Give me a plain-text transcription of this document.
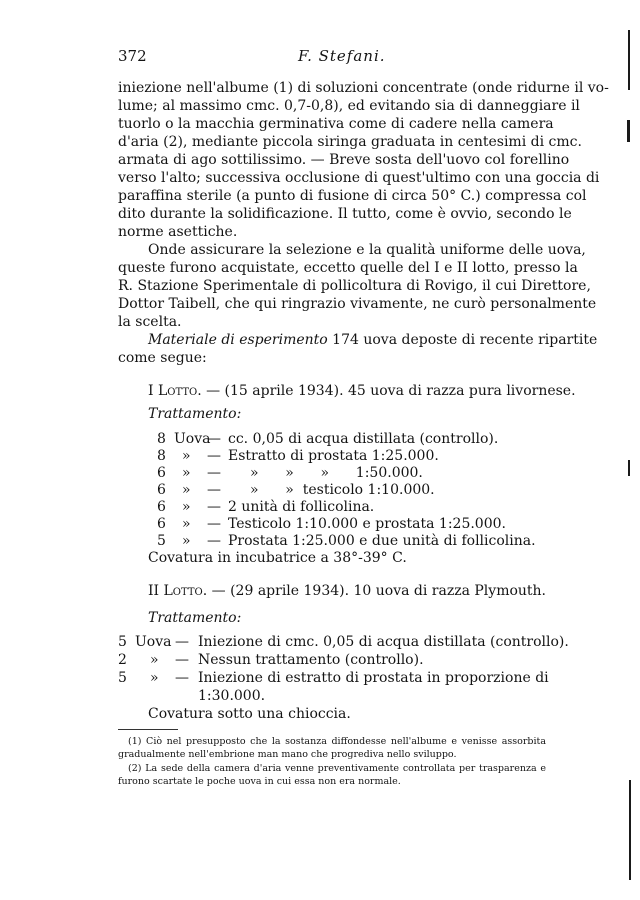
372	F. Stefani.
iniezione nell'albume (1) di soluzioni concentrate (onde ridurne il vo-
lume; al massimo cmc. 0,7-0,8), ed evitando sia di danneggiare il
tuorlo o la macchia germinativa come di cadere nella camera
d'aria (2), mediante piccola siringa graduata in centesimi di cmc.
armata di ago sottilissimo. — Breve sosta dell'uovo col forellino
verso l'alto; successiva occlusione di quest'ultimo con una goccia di
paraffina sterile (a punto di fusione di circa 50° C.) compressa col
dito durante la solidificazione. Il tutto, come è ovvio, secondo le
norme asettiche.
Onde assicurare la selezione e la qualità uniforme delle uova,
queste furono acquistate, eccetto quelle del I e II lotto, presso la
R. Stazione Sperimentale di pollicoltura di Rovigo, il cui Direttore,
Dottor Taibell, che qui ringrazio vivamente, ne curò personalmente
la scelta.
Materiale di esperimento 174 uova deposte di recente ripartite
come segue:
I Lotto. — (15 aprile 1934). 45 uova di razza pura livornese.
Trattamento:
8 Uova
— cc. 0,05 di acqua distillata (controllo).
8 » — Estratto di prostata 1:25.000.
6 » — »      »      »      1:50.000.
6 » — »      »  testicolo 1:10.000.
6 » — 2 unità di follicolina.
6 » — Testicolo 1:10.000 e prostata 1:25.000.
5 » — Prostata 1:25.000 e due unità di follicolina.
Covatura in incubatrice a 38°-39° C.
II Lotto. — (29 aprile 1934). 10 uova di razza Plymouth.
Trattamento:
5 Uova — Iniezione di cmc. 0,05 di acqua distillata (controllo).
2 » — Nessun trattamento (controllo).
5 » — Iniezione di estratto di prostata in proporzione di
1:30.000.
Covatura sotto una chioccia.
(1) Ciò nel presupposto che la sostanza diffondesse nell'albume e venisse assorbita
gradualmente nell'embrione man mano che progrediva nello sviluppo.
(2) La sede della camera d'aria venne preventivamente controllata per trasparenza e
furono scartate le poche uova in cui essa non era normale.
